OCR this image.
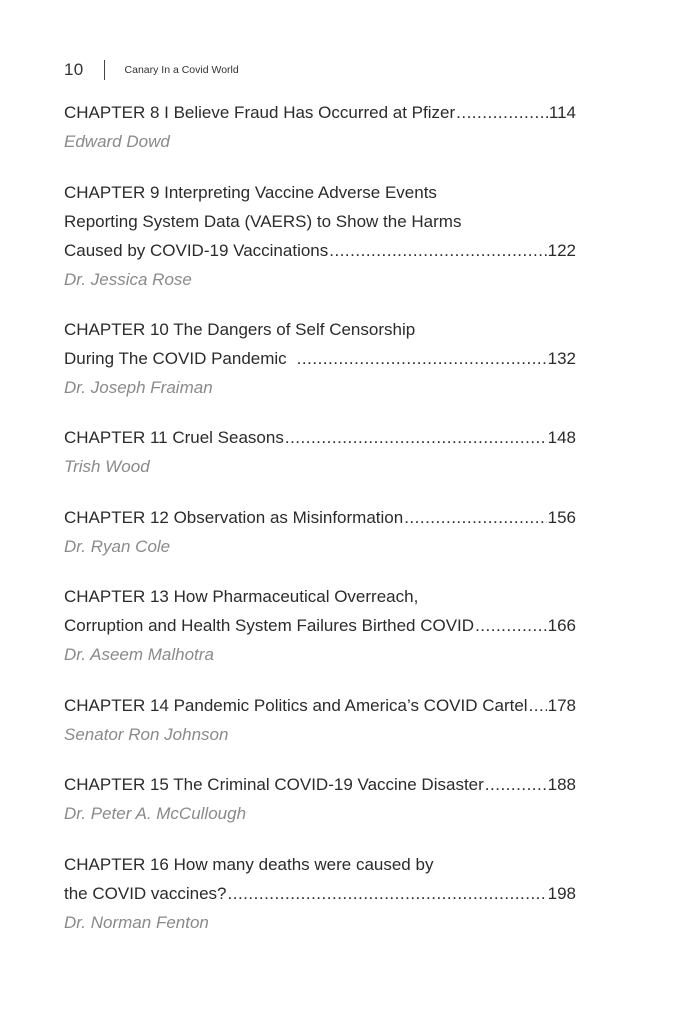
10	Canary In a Covid World
CHAPTER 8 I Believe Fraud Has Occurred at Pfizer .....	114
Edward Dowd
CHAPTER 9 Interpreting Vaccine Adverse Events
Reporting System Data (VAERS) to Show the Harms
Caused by COVID-19 Vaccinations .....	122
Dr. Jessica Rose
CHAPTER 10 The Dangers of Self Censorship
During The COVID Pandemic .....	132
Dr. Joseph Fraiman
CHAPTER 11 Cruel Seasons .....	148
Trish Wood
CHAPTER 12 Observation as Misinformation .....	156
Dr. Ryan Cole
CHAPTER 13 How Pharmaceutical Overreach,
Corruption and Health System Failures Birthed COVID .....	166
Dr. Aseem Malhotra
CHAPTER 14 Pandemic Politics and America’s COVID Cartel ..... 178
Senator Ron Johnson
CHAPTER 15 The Criminal COVID-19 Vaccine Disaster .....	188
Dr. Peter A. McCullough
CHAPTER 16 How many deaths were caused by
the COVID vaccines? .....	198
Dr. Norman Fenton
